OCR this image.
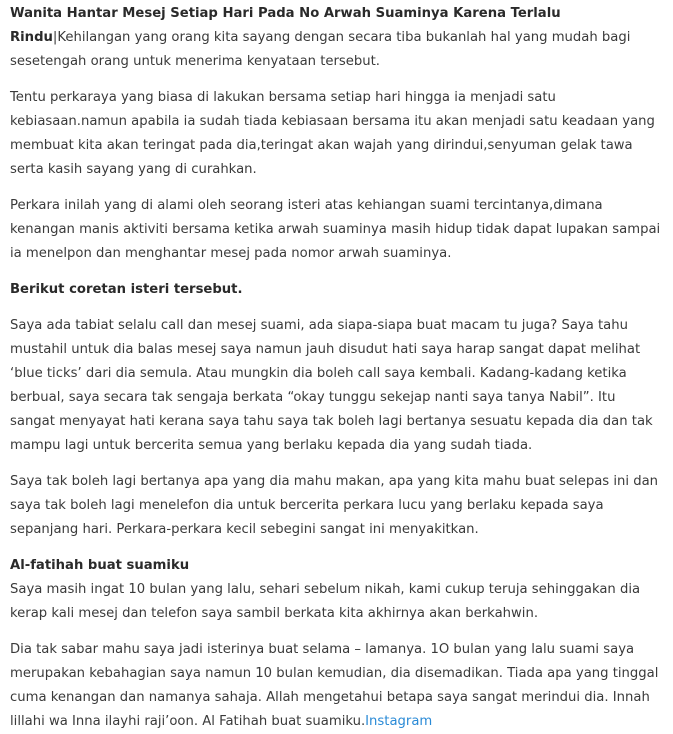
Wanita Hantar Mesej Setiap Hari Pada No Arwah Suaminya Karena Terlalu Rindu|Kehilangan yang orang kita sayang dengan secara tiba bukanlah hal yang mudah bagi sesetengah orang untuk menerima kenyataan tersebut.

Tentu perkaraya yang biasa di lakukan bersama setiap hari hingga ia menjadi satu kebiasaan.namun apabila ia sudah tiada kebiasaan bersama itu akan menjadi satu keadaan yang membuat kita akan teringat pada dia,teringat akan wajah yang dirindui,senyuman gelak tawa serta kasih sayang yang di curahkan.

Perkara inilah yang di alami oleh seorang isteri atas kehiangan suami tercintanya,dimana kenangan manis aktiviti bersama ketika arwah suaminya masih hidup tidak dapat lupakan sampai ia menelpon dan menghantar mesej pada nomor arwah suaminya.

Berikut coretan isteri tersebut.

Saya ada tabiat selalu call dan mesej suami, ada siapa-siapa buat macam tu juga? Saya tahu mustahil untuk dia balas mesej saya namun jauh disudut hati saya harap sangat dapat melihat ‘blue ticks’ dari dia semula. Atau mungkin dia boleh call saya kembali. Kadang-kadang ketika berbual, saya secara tak sengaja berkata “okay tunggu sekejap nanti saya tanya Nabil”. Itu sangat menyayat hati kerana saya tahu saya tak boleh lagi bertanya sesuatu kepada dia dan tak mampu lagi untuk bercerita semua yang berlaku kepada dia yang sudah tiada.

Saya tak boleh lagi bertanya apa yang dia mahu makan, apa yang kita mahu buat selepas ini dan saya tak boleh lagi menelefon dia untuk bercerita perkara lucu yang berlaku kepada saya sepanjang hari. Perkara-perkara kecil sebegini sangat ini menyakitkan.

Al-fatihah buat suamiku

Saya masih ingat 10 bulan yang lalu, sehari sebelum nikah, kami cukup teruja sehinggakan dia kerap kali mesej dan telefon saya sambil berkata kita akhirnya akan berkahwin.

Dia tak sabar mahu saya jadi isterinya buat selama – lamanya. 1O bulan yang lalu suami saya merupakan kebahagian saya namun 10 bulan kemudian, dia disemadikan. Tiada apa yang tinggal cuma kenangan dan namanya sahaja. Allah mengetahui betapa saya sangat merindui dia. Innah lillahi wa Inna ilayhi raji’oon. Al Fatihah buat suamiku.Instagram
